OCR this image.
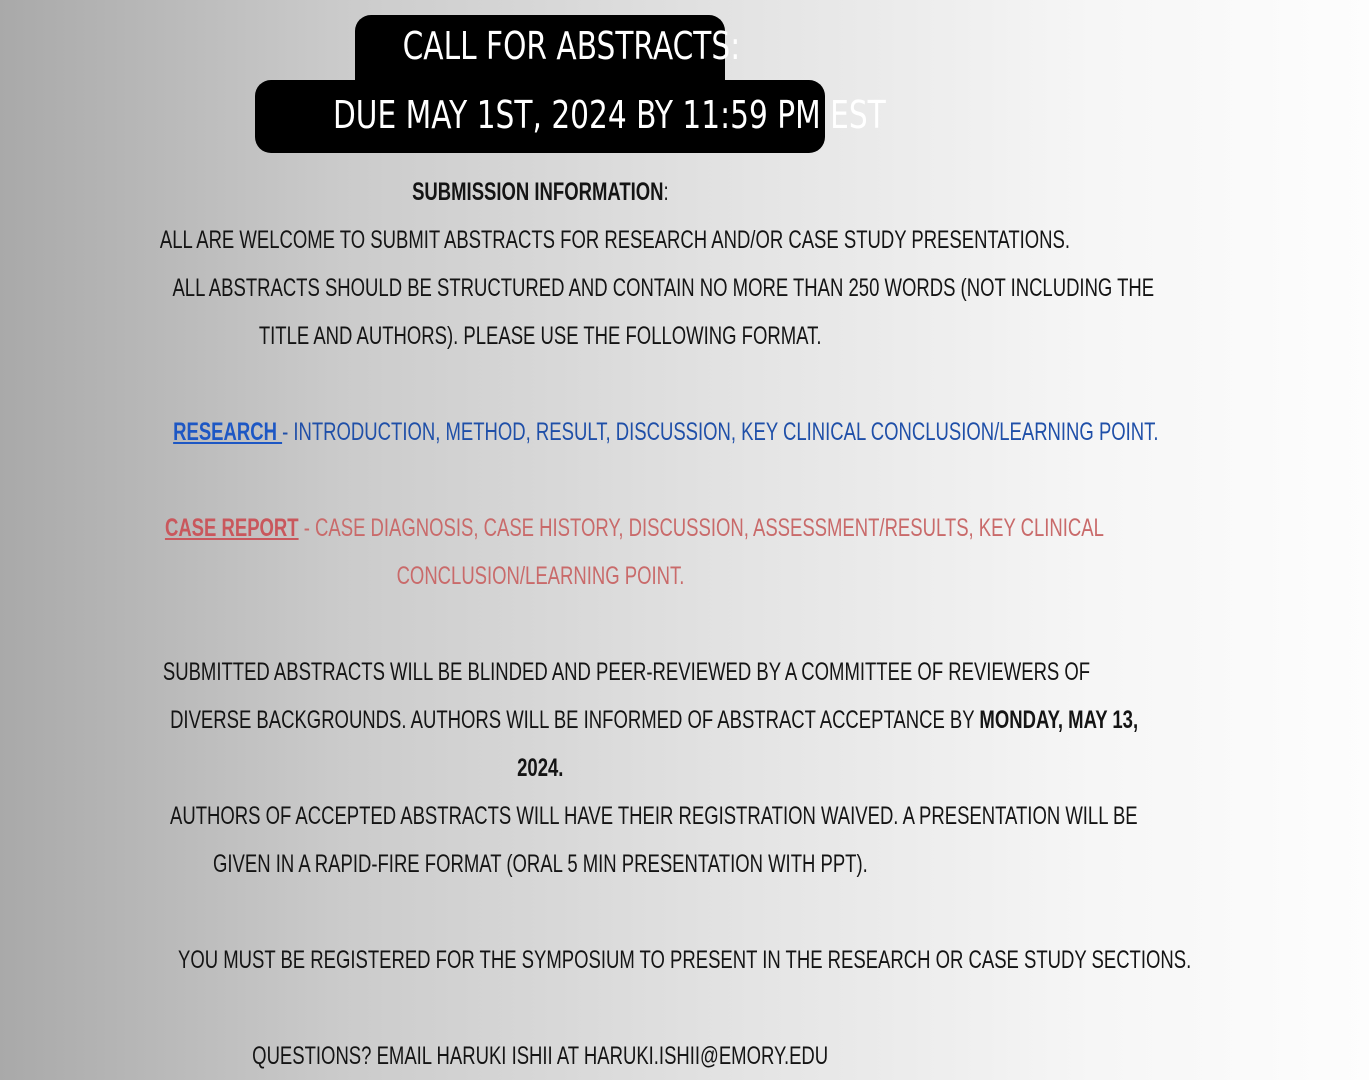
CALL FOR ABSTRACTS:
DUE MAY 1ST, 2024 BY 11:59 PM EST
SUBMISSION INFORMATION:
ALL ARE WELCOME TO SUBMIT ABSTRACTS FOR RESEARCH AND/OR CASE STUDY PRESENTATIONS.
ALL ABSTRACTS SHOULD BE STRUCTURED AND CONTAIN NO MORE THAN 250 WORDS (NOT INCLUDING THE
TITLE AND AUTHORS). PLEASE USE THE FOLLOWING FORMAT.
RESEARCH - INTRODUCTION, METHOD, RESULT, DISCUSSION, KEY CLINICAL CONCLUSION/LEARNING POINT.
CASE REPORT - CASE DIAGNOSIS, CASE HISTORY, DISCUSSION, ASSESSMENT/RESULTS, KEY CLINICAL
CONCLUSION/LEARNING POINT.
SUBMITTED ABSTRACTS WILL BE BLINDED AND PEER-REVIEWED BY A COMMITTEE OF REVIEWERS OF
DIVERSE BACKGROUNDS. AUTHORS WILL BE INFORMED OF ABSTRACT ACCEPTANCE BY MONDAY, MAY 13,
2024.
AUTHORS OF ACCEPTED ABSTRACTS WILL HAVE THEIR REGISTRATION WAIVED. A PRESENTATION WILL BE
GIVEN IN A RAPID-FIRE FORMAT (ORAL 5 MIN PRESENTATION WITH PPT).
YOU MUST BE REGISTERED FOR THE SYMPOSIUM TO PRESENT IN THE RESEARCH OR CASE STUDY SECTIONS.
QUESTIONS? EMAIL HARUKI ISHII AT HARUKI.ISHII@EMORY.EDU
